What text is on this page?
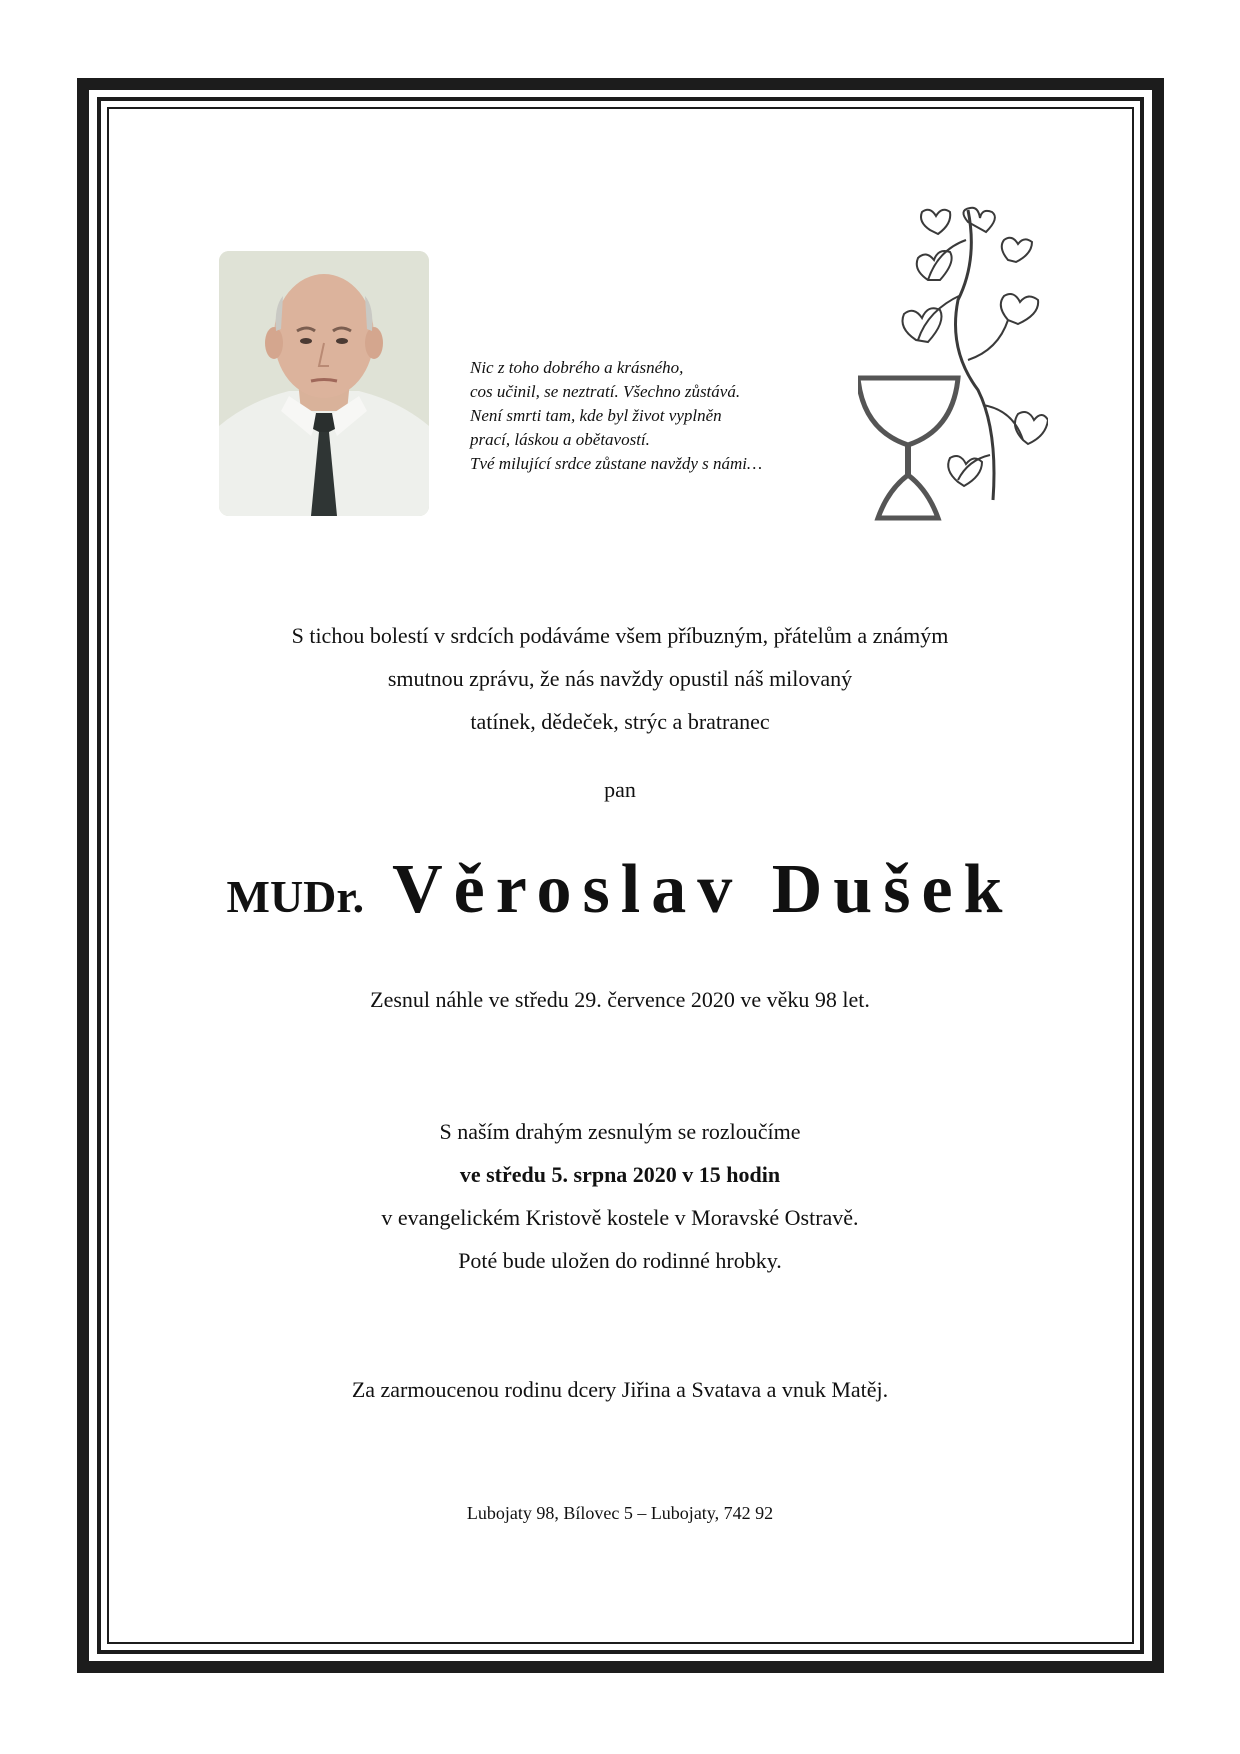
Nic z toho dobrého a krásného,

cos učinil, se neztratí. Všechno zůstává.

Není smrti tam, kde byl život vyplněn

prací, láskou a obětavostí.

Tvé milující srdce zůstane navždy s námi…

S tichou bolestí v srdcích podáváme všem příbuzným, přátelům a známým

smutnou zprávu, že nás navždy opustil náš milovaný

tatínek, dědeček, strýc a bratranec

pan

MUDr. Věroslav Dušek

Zesnul náhle ve středu 29. července 2020 ve věku 98 let.

S naším drahým zesnulým se rozloučíme

ve středu 5. srpna 2020 v 15 hodin

v evangelickém Kristově kostele v Moravské Ostravě.

Poté bude uložen do rodinné hrobky.

Za zarmoucenou rodinu dcery Jiřina a Svatava a vnuk Matěj.

Lubojaty 98, Bílovec 5 – Lubojaty, 742 92
